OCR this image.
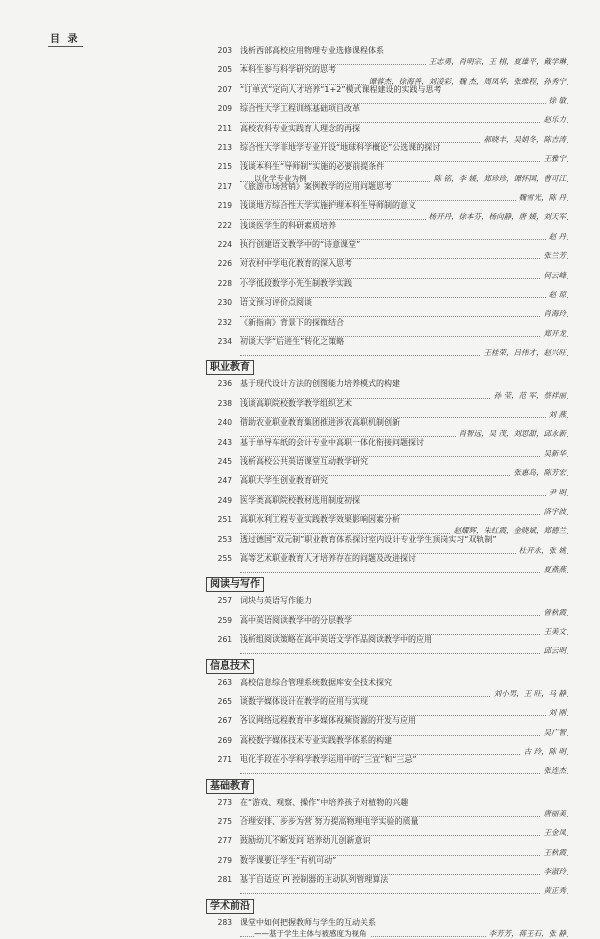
目 录
203 浅析西部高校应用物理专业选修课程体系
王志勇，肖明宗，王 栩，夏雄平，戴学琳
205 本科生参与科学研究的思考
谭蓉杰，徐海善，刘凌彩，魏 杰，周凤华，张维程，孙秀宁
207 “订单式”定向人才培养“1+2”模式课程建设的实践与思考
徐 敏
209 综合性大学工程训练基础项目改革
赵乐力
211 高校农科专业实践育人理念的再探
郝晓丰，吴娟冬，陈吉涛
213 综合性大学非地学专业开设“地球科学概论”公选课的探讨
王雅宁
215 浅谈本科生“导师制”实施的必要前提条件
以化学专业为例	陈 铭，李 媛，郑珍珍，谭怀国，曹可江
217 《旅游市场营销》案例教学的应用问题思考
魏雪光，陈 丹
219 浅谈地方综合性大学实施护理本科生导师制的意义
杨开丹，徐本芬，杨向静，唐 媛，刘天军
222 浅谈医学生的科研素质培养
赵 丹
224 执行创建语文教学中的“诗意课堂”
张兰芳
226 对农村中学电化教育的深入思考
何云峰
228 小学低段数学小先生制教学实践
赵 琼
230 语文预习评价点阅谈
肖海玲
232 《新指南》背景下的探微结合
郑开龙
234 初谈大学“后进生”转化之策略
王桂荣，吕伟才，赵兴旺
职业教育
236 基于现代设计方法的创图能力培养模式的构建
孙 莹，范 军，蔡祥丽
238 浅谈高职院校数学教学组织艺术
刘 燕
240 借助农业职业教育集团推进涉农高职机制创新
肖智远，吴 茂，刘思甜，邱永新
243 基于单导车纸的会计专业中高职一体化衔接问题探讨
吴新华
245 浅析高校公共英语课堂互动教学研究
张惠岛，陈芳宏
247 高职大学生创业教育研究
尹 明
249 医学类高职院校教材选用制度初探
洛宇波
251 高职水利工程专业实践教学效果影响因素分析
赵耀辉，朱红霞，金晓斌，郑德兰
253 透过德国“双元制”职业教育体系探讨室内设计专业学生顶岗实习“双轨制”
杜开永，张 姚
255 高等艺术职业教育人才培养存在的问题及改进探讨
夏燕燕
阅读与写作
257 词块与英语写作能力
曾秋霞
259 高中英语阅读教学中的分层教学
王美文
261 浅析组阅读策略在高中英语文学作品阅读教学中的应用
邱云明
信息技术
263 高校信息综合管理系统数据库安全技术探究
刘小男，王 旺，马 静
265 谈数字媒体设计在教学的应用与实现
刘 刚
267 各议网络远程教育中多媒体视频资源的开发与应用
吴广智
269 高校数字媒体技术专业实践教学体系的构建
古 玲，陈 明
271 电化手段在小学科学教学运用中的“三宜”和“三忌”
张连杰
基础教育
273 在“游戏、观察、操作”中培养孩子对植物的兴趣
唐丽美
275 合理安排、步步为营 努力提高物理电学实验的质量
王金凤
277 鼓励幼儿不断发问 培养幼儿创新意识
王秋霞
279 数学课要让学生“有机可动”
李淑玲
281 基于自适应 PI 控制器的主动队列管理算法
黄正秀
学术前沿
283 课堂中如何把握教师与学生的互动关系
——基于学生主体与被感度为视角	李芳芳，蒋王石，张 静
